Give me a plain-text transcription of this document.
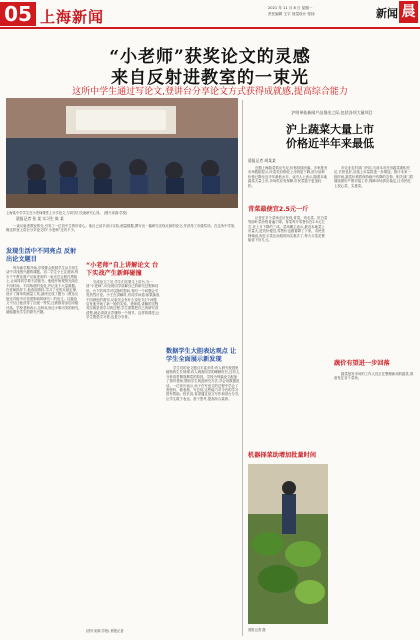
05 上海新闻	2021 年 11 月 8 日 星期一
责任编辑 王宇 视觉设计 张扬	新闻 晨
“小老师”获奖论文的灵感
来自反射进教室的一束光
这所中学生通过写论文,登讲台分享论文方式获得成就感,提高综合能力
上海某中学学生在小老师课堂上分享论文,与同学们交流研究心得。 (图片来源:学校)
晨报记者 张 某 实习生 陈 某

一束反射进教室的光,引发了一位初中生的好奇心。他自己动手设计实验,测量数据,撰写出一篇研究光线反射的论文,并获得了市级奖项。在这所中学里,像这样登上讲台分享论文的“小老师”还有不少。

发现生活中不同亮点 反射出论文题目

每年新学期开始,学校都会鼓励学生从日常生活中寻找感兴趣的课题。初二学生小王注意到,每天下午教室窗户反射进来的一束光总会照在黑板上,让前排同学看不清板书。他便开始观察光线在不同时间、不同角度的变化,并记录下大量数据。在老师指导下,他查阅资料,学习了光的反射定律,设计了简单的测量工具,最终完成了题为《教室反射光对板书可见度影响的研究》的论文。这篇论文不仅让他获得了区级一等奖,还被推荐参加市级评选。学校老师表示,这种从身边小事出发的研究,最能激发学生的探究兴趣。

“小老师”自上讲解论文 台下实战产生新鲜碰撞

完成论文之后,学生们还要走上讲台,当一回“小老师”,向全班同学讲解自己的研究过程和结论。台下的同学可以随时提问,有时一个问题会引发热烈讨论。小王在讲解时,有同学问道:如果换成不同颜色的窗帘,反射光会有什么变化?这个问题启发他开始了新一轮的实验。老师说,讲解的过程其实就是再学习的过程,学生需要把自己的研究讲清楚,就必须真正弄懂每一个细节。这样的课堂,让学生既是学习者,也是分享者。

(图片来源:学校) 晨报记者
数据学生大胆表达观点 让学生全面展示新发现

学生们的论文题目丰富多样:有人研究校园里植物的生长规律,有人调查同学的睡眠时长,还有人分析食堂剩饭剩菜的原因。学校为每篇论文配备了指导老师,帮助学生规范研究方法,学会用数据说话。一位家长表示,孩子在写论文的过程中学会了查资料、做表格、写总结,这些能力对今后的学习很有帮助。校长说,希望通过论文写作和讲台分享,让学生敢于表达、善于思考,提高综合素养。

沪明单轨新闻产品推出之际,包括各项大量项目
沪上蔬菜大量上市
价格近半年来最低
晨报记者 胡某某

近期上海蔬菜供应充足,价格持续回落。多家批发市场数据显示,叶菜类价格较上月明显下降,部分品种价格已降至近半年最低水平。业内人士表示,随着本地蔬菜大量上市,市场供应有保障,市民菜篮子更加轻松。

青菜最便宜2.5元一斤

记者在多个菜场走访发现,青菜、鸡毛菜、杭白菜等绿叶菜价格普遍下降。青菜每斤零售价在2.5元左右,比上月下降约三成。菜场摊主表示,最近本地菜上市量大,进货价便宜,零售价也跟着降了下来。市民张阿姨说,现在买菜比前段时间实惠多了,每天买菜花费能省下好几元。

市农业农村部门介绍,当前本市在田蔬菜面积充足,长势良好,后续上市量将进一步增加。预计未来一段时间,蔬菜价格将保持稳中有降的态势。相关部门将继续做好产销对接工作,保障市场供应稳定,让市民吃上放心菜、实惠菜。

蔬价有望进一步回落

蔬菜批发市场的工作人员正在整理新到的蔬菜,准备发往各个菜场。

机器择菜助增加批量时间
晨报记者 摄
